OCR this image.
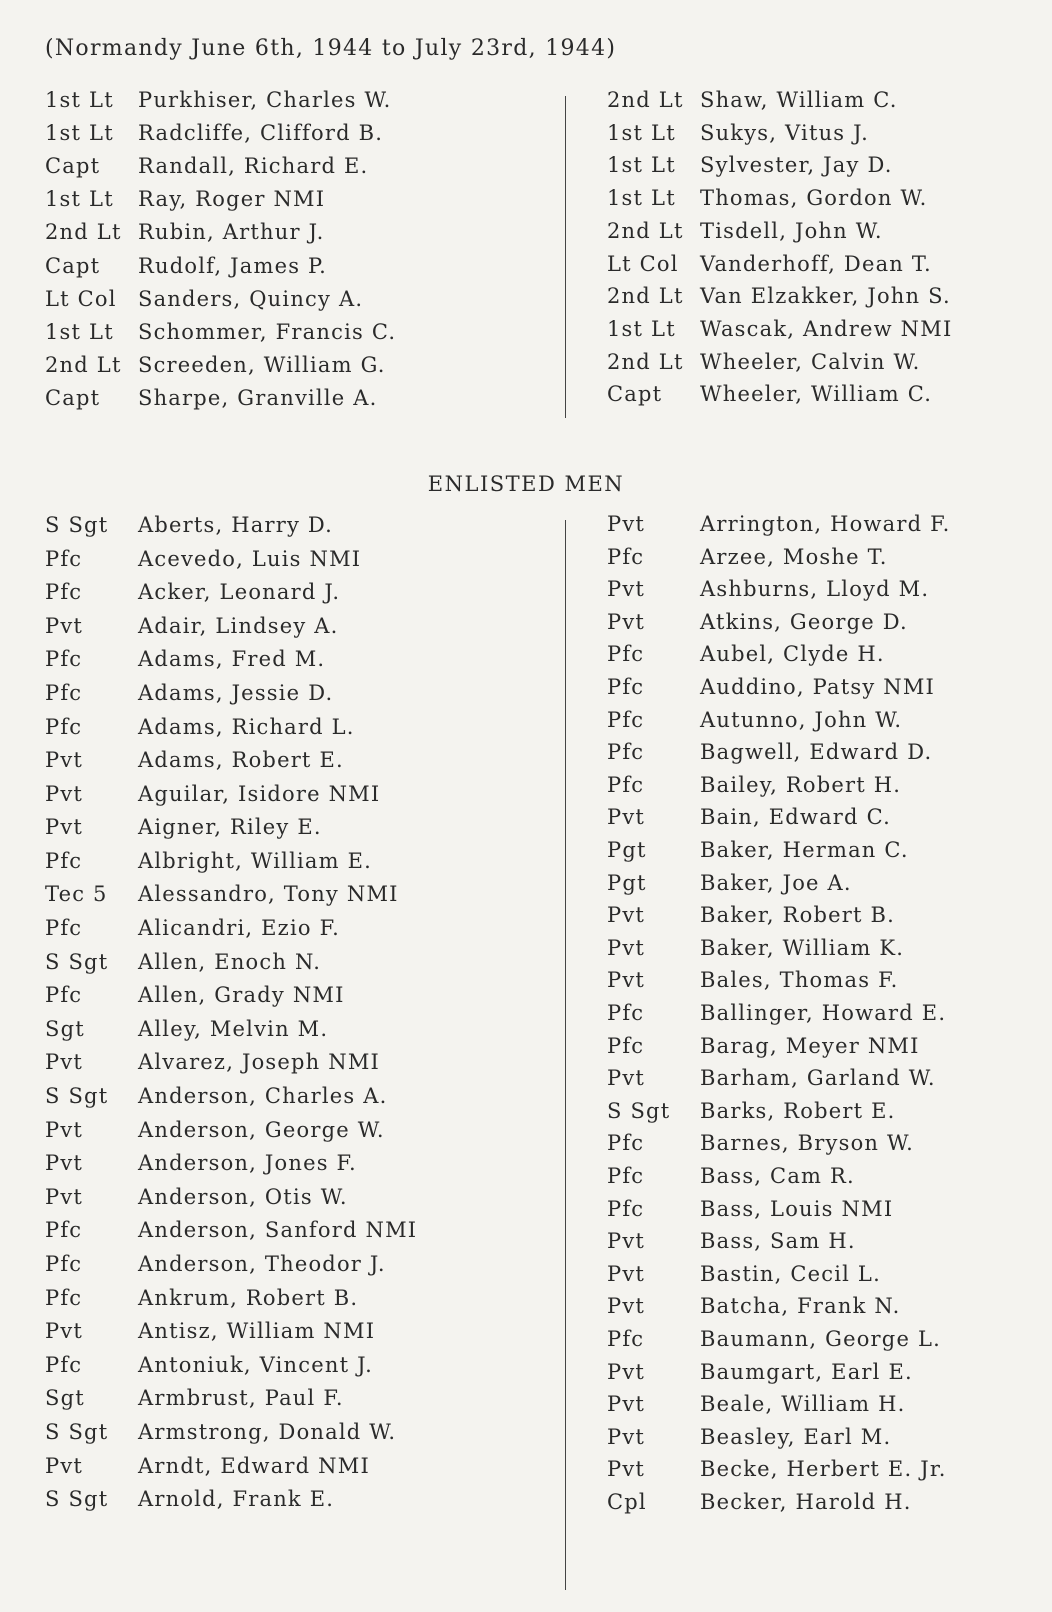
(Normandy June 6th, 1944 to July 23rd, 1944)
1st Lt Purkhiser, Charles W.
1st Lt Radcliffe, Clifford B.
Capt Randall, Richard E.
1st Lt Ray, Roger NMI
2nd Lt Rubin, Arthur J.
Capt Rudolf, James P.
Lt Col Sanders, Quincy A.
1st Lt Schommer, Francis C.
2nd Lt Screeden, William G.
Capt Sharpe, Granville A.
2nd Lt Shaw, William C.
1st Lt Sukys, Vitus J.
1st Lt Sylvester, Jay D.
1st Lt Thomas, Gordon W.
2nd Lt Tisdell, John W.
Lt Col Vanderhoff, Dean T.
2nd Lt Van Elzakker, John S.
1st Lt Wascak, Andrew NMI
2nd Lt Wheeler, Calvin W.
Capt Wheeler, William C.
ENLISTED MEN
S Sgt Aberts, Harry D.
Pfc	Acevedo, Luis NMI
Pfc	Acker, Leonard J.
Pvt	Adair, Lindsey A.
Pfc	Adams, Fred M.
Pfc	Adams, Jessie D.
Pfc	Adams, Richard L.
Pvt	Adams, Robert E.
Pvt	Aguilar, Isidore NMI
Pvt	Aigner, Riley E.
Pfc	Albright, William E.
Tec 5 Alessandro, Tony NMI
Pfc	Alicandri, Ezio F.
S Sgt Allen, Enoch N.
Pfc	Allen, Grady NMI
Sgt	Alley, Melvin M.
Pvt	Alvarez, Joseph NMI
S Sgt Anderson, Charles A.
Pvt	Anderson, George W.
Pvt	Anderson, Jones F.
Pvt	Anderson, Otis W.
Pfc	Anderson, Sanford NMI
Pfc	Anderson, Theodor J.
Pfc	Ankrum, Robert B.
Pvt	Antisz, William NMI
Pfc	Antoniuk, Vincent J.
Sgt	Armbrust, Paul F.
S Sgt Armstrong, Donald W.
Pvt	Arndt, Edward NMI
S Sgt Arnold, Frank E.
Pvt	Arrington, Howard F.
Pfc	Arzee, Moshe T.
Pvt	Ashburns, Lloyd M.
Pvt	Atkins, George D.
Pfc	Aubel, Clyde H.
Pfc	Auddino, Patsy NMI
Pfc	Autunno, John W.
Pfc	Bagwell, Edward D.
Pfc	Bailey, Robert H.
Pvt	Bain, Edward C.
Pgt	Baker, Herman C.
Pgt	Baker, Joe A.
Pvt	Baker, Robert B.
Pvt	Baker, William K.
Pvt	Bales, Thomas F.
Pfc	Ballinger, Howard E.
Pfc	Barag, Meyer NMI
Pvt	Barham, Garland W.
S Sgt Barks, Robert E.
Pfc	Barnes, Bryson W.
Pfc	Bass, Cam R.
Pfc	Bass, Louis NMI
Pvt	Bass, Sam H.
Pvt	Bastin, Cecil L.
Pvt	Batcha, Frank N.
Pfc	Baumann, George L.
Pvt	Baumgart, Earl E.
Pvt	Beale, William H.
Pvt	Beasley, Earl M.
Pvt	Becke, Herbert E. Jr.
Cpl	Becker, Harold H.
